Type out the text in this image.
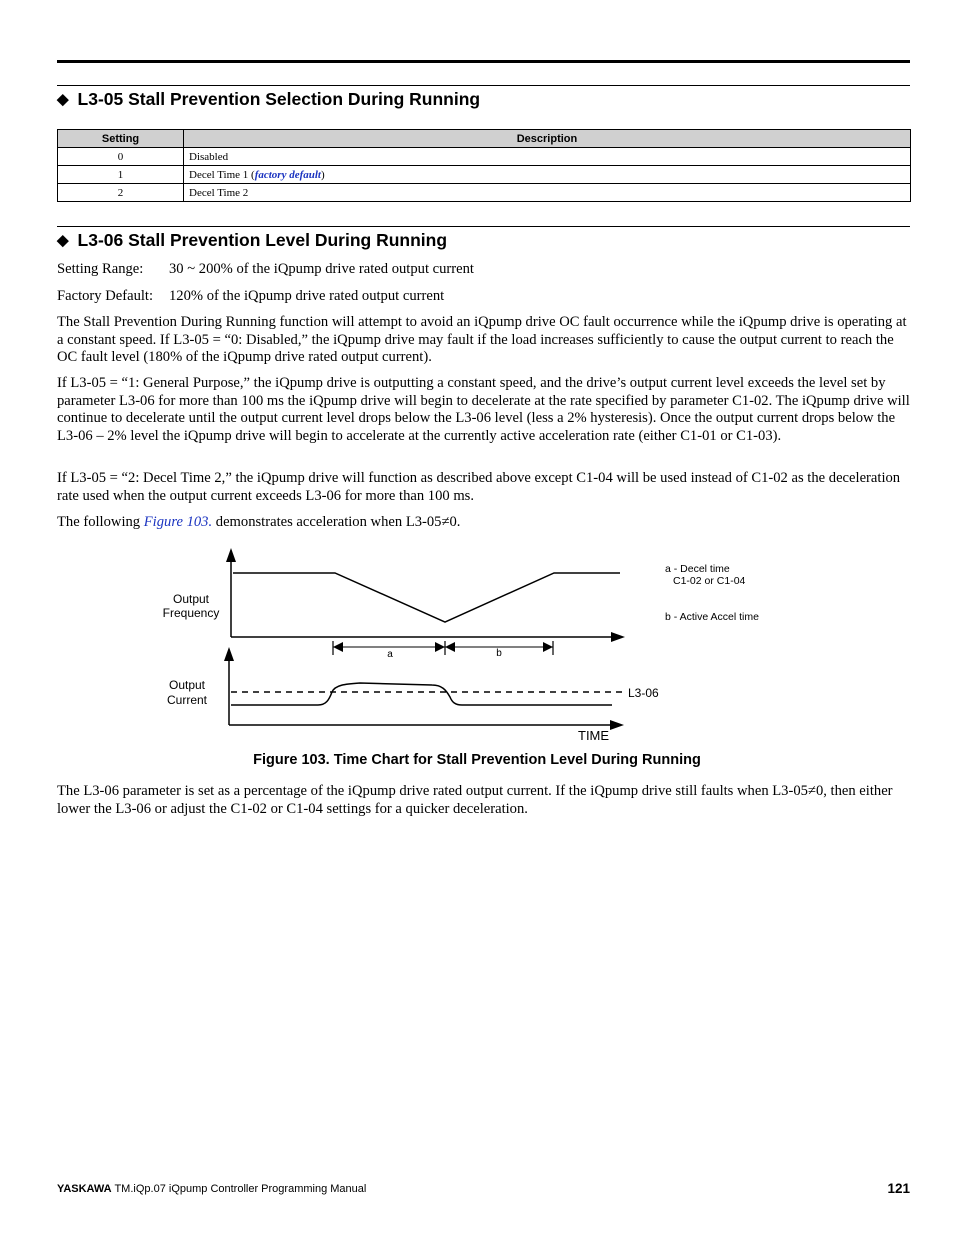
◆ L3-05 Stall Prevention Selection During Running
Setting	Description
0	Disabled
1	Decel Time 1 (factory default)
2	Decel Time 2
◆ L3-06 Stall Prevention Level During Running

Setting Range: 30 ~ 200% of the iQpump drive rated output current

Factory Default: 120% of the iQpump drive rated output current

The Stall Prevention During Running function will attempt to avoid an iQpump drive OC fault occurrence while the iQpump drive is operating at a constant speed. If L3-05 = “0: Disabled,” the iQpump drive may fault if the load increases sufficiently to cause the output current to reach the OC fault level (180% of the iQpump drive rated output current).

If L3-05 = “1: General Purpose,” the iQpump drive is outputting a constant speed, and the drive’s output current level exceeds the level set by parameter L3-06 for more than 100 ms the iQpump drive will begin to decelerate at the rate specified by parameter C1-02. The iQpump drive will continue to decelerate until the output current level drops below the L3-06 level (less a 2% hysteresis). Once the output current drops below the L3-06 – 2% level the iQpump drive will begin to accelerate at the currently active acceleration rate (either C1-01 or C1-03).

If L3-05 = “2: Decel Time 2,” the iQpump drive will function as described above except C1-04 will be used instead of C1-02 as the deceleration rate used when the output current exceeds L3-06 for more than 100 ms.

The following Figure 103. demonstrates acceleration when L3-05≠0.

a	b
Output
Frequency
Output
Current	L3-06
TIME
a - Decel time
C1-02 or C1-04
b - Active Accel time
Figure 103. Time Chart for Stall Prevention Level During Running

The L3-06 parameter is set as a percentage of the iQpump drive rated output current. If the iQpump drive still faults when L3-05≠0, then either lower the L3-06 or adjust the C1-02 or C1-04 settings for a quicker deceleration.

YASKAWA TM.iQp.07 iQpump Controller Programming Manual	121
